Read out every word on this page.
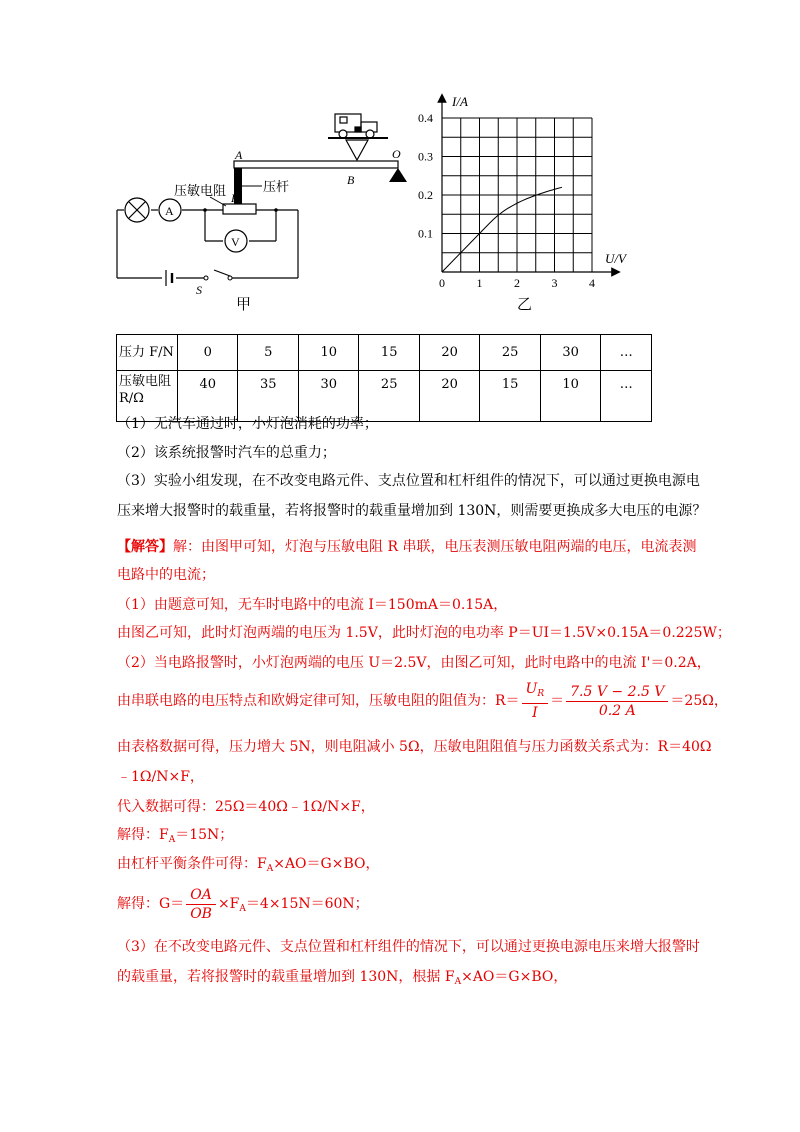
A	O
B
R
A
V
S
压敏电阻	压杆
甲
0.4
0.3
0.2
0.1
0	1	2	3	4
I/A
U/V
乙
压力 F/N	0	5	10	15	20	25	30	…
压敏电阻 R/Ω	40	35	30	25	20	15	10	…
（1）无汽车通过时，小灯泡消耗的功率；
（2）该系统报警时汽车的总重力；
（3）实验小组发现，在不改变电路元件、支点位置和杠杆组件的情况下，可以通过更换电源电
压来增大报警时的载重量，若将报警时的载重量增加到 130N，则需要更换成多大电压的电源？
【解答】解：由图甲可知，灯泡与压敏电阻 R 串联，电压表测压敏电阻两端的电压，电流表测
电路中的电流；
（1）由题意可知，无车时电路中的电流 I＝150mA＝0.15A，
由图乙可知，此时灯泡两端的电压为 1.5V，此时灯泡的电功率 P＝UI＝1.5V×0.15A＝0.225W；
（2）当电路报警时，小灯泡两端的电压 U＝2.5V，由图乙可知，此时电路中的电流 I'＝0.2A，
由串联电路的电压特点和欧姆定律可知，压敏电阻的阻值为：$R= \frac{U_R}{I} = \frac{7.5 V - 2.5 V}{0.2 A} =25\Omega$，
由表格数据可得，压力增大 5N，则电阻减小 5Ω，压敏电阻阻值与压力函数关系式为：R＝40Ω
﹣1Ω/N×F，
代入数据可得：25Ω＝40Ω﹣1Ω/N×F，
解得：$F_A=15N$；
由杠杆平衡条件可得：$F_A\times AO=G\times BO$，
解得：$G= \frac{OA}{OB} \times F_A=4\times 15N=60N$；
（3）在不改变电路元件、支点位置和杠杆组件的情况下，可以通过更换电源电压来增大报警时
的载重量，若将报警时的载重量增加到 130N，根据 $F_A\times AO=G\times BO$，
